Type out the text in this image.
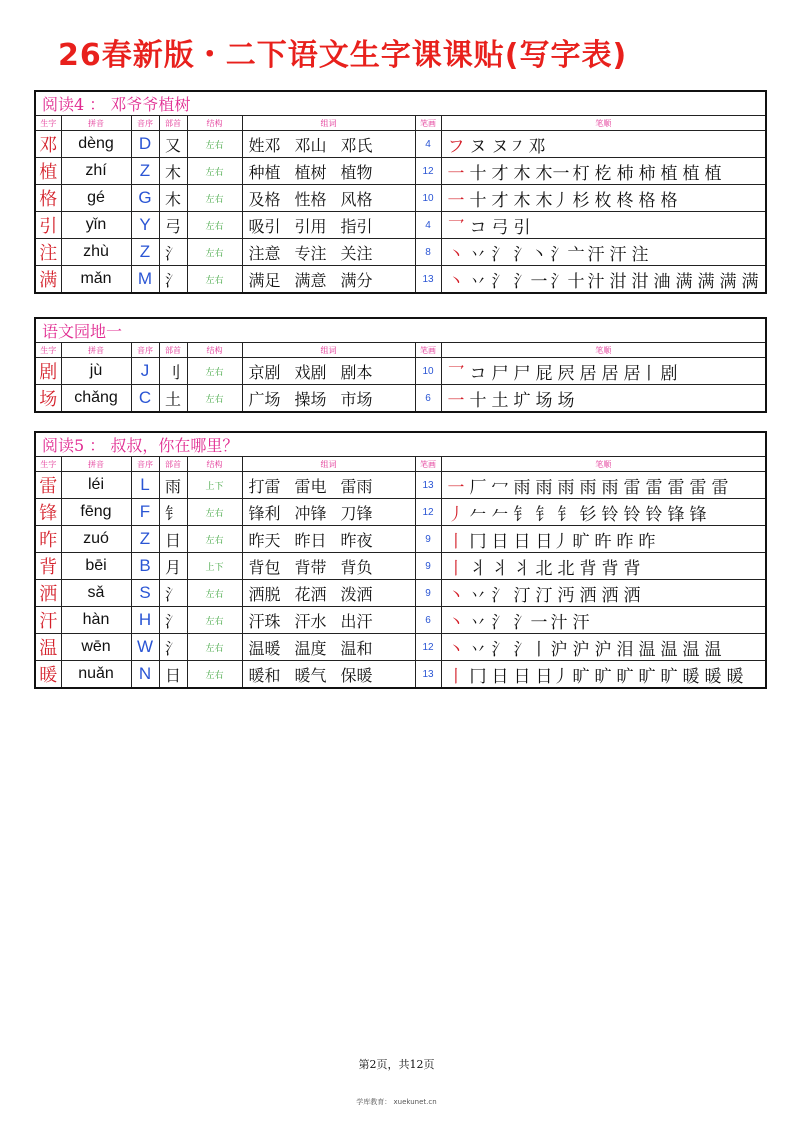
26春新版・二下语文生字课课贴(写字表)
阅读4 ： 邓爷爷植树							
生字	拼音	音序	部首	结构	组词	笔画	笔顺
邓	dèng	D	又	左右	姓邓 邓山 邓氏	4	フ ヌ ヌ㇇ 邓
植	zhí	Z	木	左右	种植 植树 植物	12	一 十 才 木 木一 朾 杚 杮 柿 植 植 植
格	gé	G	木	左右	及格 性格 风格	10	一 十 才 木 木丿 杉 枚 柊 格 格
引	yǐn	Y	弓	左右	吸引 引用 指引	4	乛 コ 弓 引
注	zhù	Z	氵	左右	注意 专注 关注	8	丶 丷 氵 氵丶 氵亠 汗 汗 注
满	mǎn	M	氵	左右	满足 满意 满分	13	丶 丷 氵 氵一 氵十 汁 泔 泔 浀 满 满 满 满
语文园地一							
生字	拼音	音序	部首	结构	组词	笔画	笔顺
剧	jù	J	刂	左右	京剧 戏剧 剧本	10	乛 コ 尸 尸 屁 屄 居 居 居丨 剧
场	chǎng	C	土	左右	广场 操场 市场	6	一 十 土 圹 场 场
阅读5 ： 叔叔，你在哪里？							
生字	拼音	音序	部首	结构	组词	笔画	笔顺
雷	léi	L	雨	上下	打雷 雷电 雷雨	13	一 厂 冖 雨 雨 雨 雨 雨 雷 雷 雷 雷 雷
锋	fēng	F	钅	左右	锋利 冲锋 刀锋	12	丿 𠂉 𠂉 钅 钅 钅 钐 铃 铃 铃 锋 锋
昨	zuó	Z	日	左右	昨天 昨日 昨夜	9	丨 冂 日 日 日丿 旷 旿 昨 昨
背	bēi	B	月	上下	背包 背带 背负	9	丨 丬 丬 丬 北 北 背 背 背
洒	sǎ	S	氵	左右	洒脱 花洒 泼洒	9	丶 丷 氵 汀 汀 沔 洒 洒 洒
汗	hàn	H	氵	左右	汗珠 汗水 出汗	6	丶 丷 氵 氵一 汁 汗
温	wēn	W	氵	左右	温暖 温度 温和	12	丶 丷 氵 氵丨 沪 沪 沪 泪 温 温 温 温
暖	nuǎn	N	日	左右	暖和 暖气 保暖	13	丨 冂 日 日 日丿 旷 旷 旷 旷 旷 暖 暖 暖
第2页，共12页
学库教育： xuekunet.cn
